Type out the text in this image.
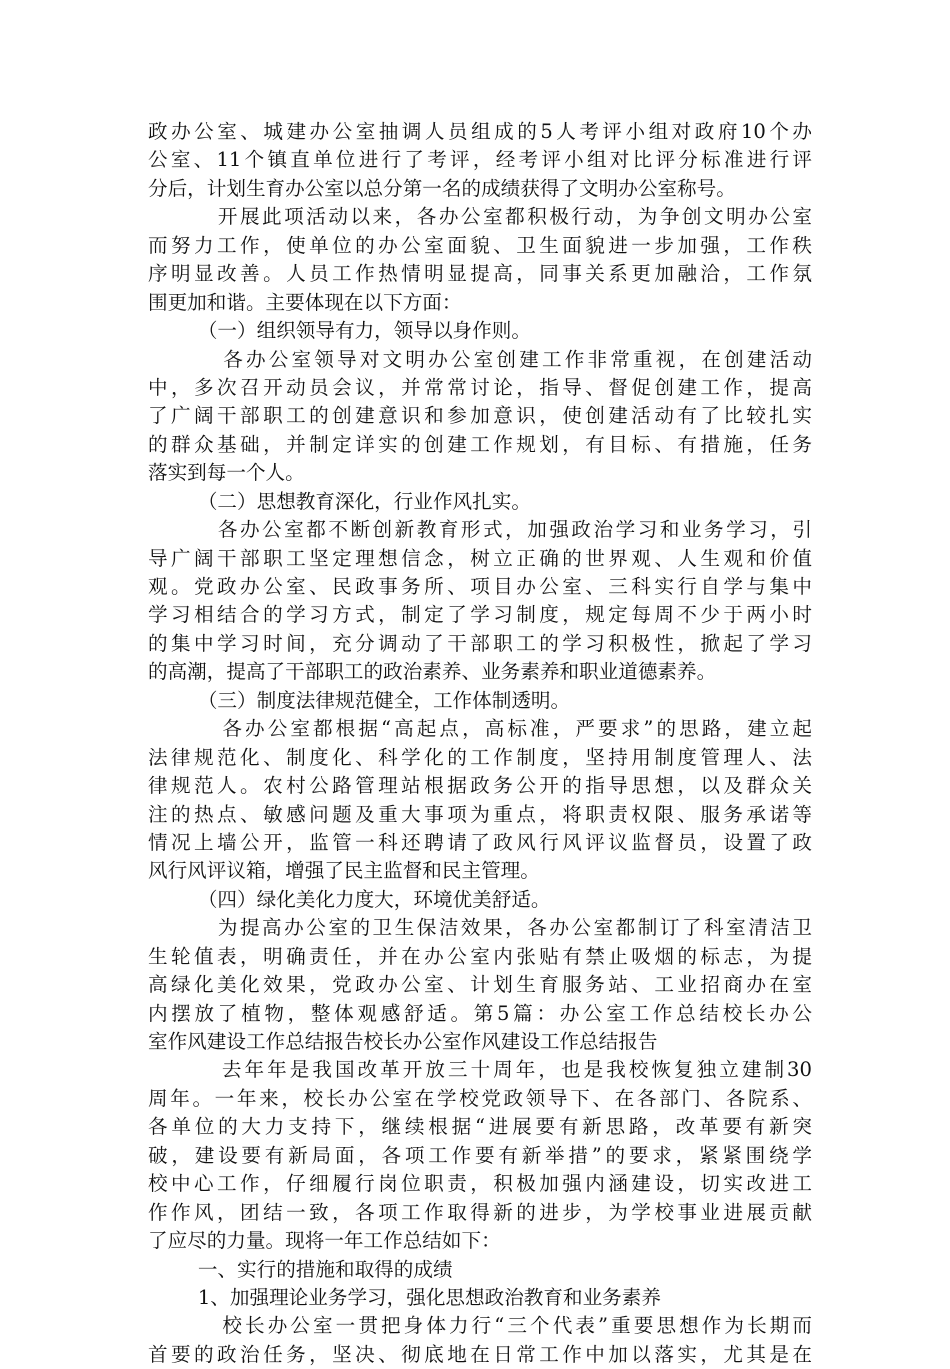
政办公室、城建办公室抽调人员组成的5人考评小组对政府10个办
公室、11个镇直单位进行了考评，经考评小组对比评分标准进行评
分后，计划生育办公室以总分第一名的成绩获得了文明办公室称号。
开展此项活动以来，各办公室都积极行动，为争创文明办公室
而努力工作，使单位的办公室面貌、卫生面貌进一步加强，工作秩
序明显改善。人员工作热情明显提高，同事关系更加融洽，工作氛
围更加和谐。主要体现在以下方面：
（一）组织领导有力，领导以身作则。
各办公室领导对文明办公室创建工作非常重视，在创建活动
中，多次召开动员会议，并常常讨论，指导、督促创建工作，提高
了广阔干部职工的创建意识和参加意识，使创建活动有了比较扎实
的群众基础，并制定详实的创建工作规划，有目标、有措施，任务
落实到每一个人。
（二）思想教育深化，行业作风扎实。
各办公室都不断创新教育形式，加强政治学习和业务学习，引
导广阔干部职工坚定理想信念，树立正确的世界观、人生观和价值
观。党政办公室、民政事务所、项目办公室、三科实行自学与集中
学习相结合的学习方式，制定了学习制度，规定每周不少于两小时
的集中学习时间，充分调动了干部职工的学习积极性，掀起了学习
的高潮，提高了干部职工的政治素养、业务素养和职业道德素养。
（三）制度法律规范健全，工作体制透明。
各办公室都根据“高起点，高标准，严要求”的思路，建立起
法律规范化、制度化、科学化的工作制度，坚持用制度管理人、法
律规范人。农村公路管理站根据政务公开的指导思想，以及群众关
注的热点、敏感问题及重大事项为重点，将职责权限、服务承诺等
情况上墙公开，监管一科还聘请了政风行风评议监督员，设置了政
风行风评议箱，增强了民主监督和民主管理。
（四）绿化美化力度大，环境优美舒适。
为提高办公室的卫生保洁效果，各办公室都制订了科室清洁卫
生轮值表，明确责任，并在办公室内张贴有禁止吸烟的标志，为提
高绿化美化效果，党政办公室、计划生育服务站、工业招商办在室
内摆放了植物，整体观感舒适。第5篇：办公室工作总结校长办公
室作风建设工作总结报告校长办公室作风建设工作总结报告
去年年是我国改革开放三十周年，也是我校恢复独立建制30
周年。一年来，校长办公室在学校党政领导下、在各部门、各院系、
各单位的大力支持下，继续根据“进展要有新思路，改革要有新突
破，建设要有新局面，各项工作要有新举措”的要求，紧紧围绕学
校中心工作，仔细履行岗位职责，积极加强内涵建设，切实改进工
作作风，团结一致，各项工作取得新的进步，为学校事业进展贡献
了应尽的力量。现将一年工作总结如下：
一、实行的措施和取得的成绩
1、加强理论业务学习，强化思想政治教育和业务素养
校长办公室一贯把身体力行“三个代表”重要思想作为长期而
首要的政治任务，坚决、彻底地在日常工作中加以落实，尤其是在
